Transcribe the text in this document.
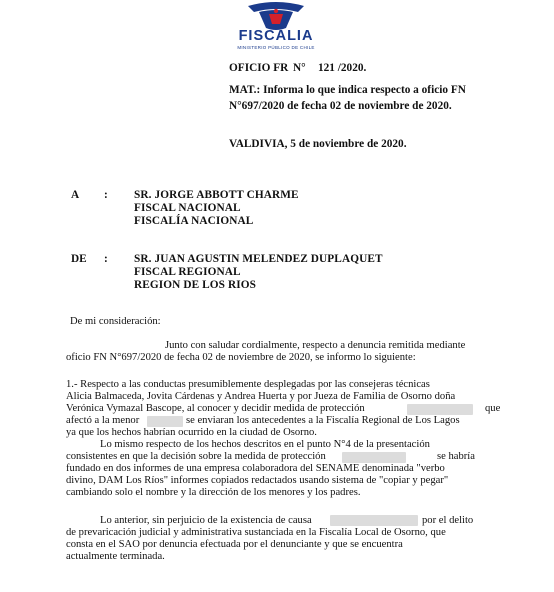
FISCALIA
MINISTERIO PÚBLICO DE CHILE
OFICIO FR N° 121 /2020.
MAT.: Informa lo que indica respecto a oficio FN
N°697/2020 de fecha 02 de noviembre de 2020.
VALDIVIA, 5 de noviembre de 2020.
A : SR. JORGE ABBOTT CHARME
FISCAL NACIONAL
FISCALÍA NACIONAL
DE : SR. JUAN AGUSTIN MELENDEZ DUPLAQUET
FISCAL REGIONAL
REGION DE LOS RIOS
De mi consideración:
Junto con saludar cordialmente, respecto a denuncia remitida mediante
oficio FN N°697/2020 de fecha 02 de noviembre de 2020, se informo lo siguiente:
1.- Respecto a las conductas presumiblemente desplegadas por las consejeras técnicas
Alicia Balmaceda, Jovita Cárdenas y Andrea Huerta y por Jueza de Familia de Osorno doña
Verónica Vymazal Bascope, al conocer y decidir medida de protección	que
afectó a la menor	se enviaran los antecedentes a la Fiscalía Regional de Los Lagos
ya que los hechos habrían ocurrido en la ciudad de Osorno.
Lo mismo respecto de los hechos descritos en el punto N°4 de la presentación
consistentes en que la decisión sobre la medida de protección	se habría
fundado en dos informes de una empresa colaboradora del SENAME denominada "verbo
divino, DAM Los Ríos" informes copiados redactados usando sistema de "copiar y pegar"
cambiando solo el nombre y la dirección de los menores y los padres.
Lo anterior, sin perjuicio de la existencia de causa	por el delito
de prevaricación judicial y administrativa sustanciada en la Fiscalía Local de Osorno, que
consta en el SAO por denuncia efectuada por el denunciante y que se encuentra
actualmente terminada.
